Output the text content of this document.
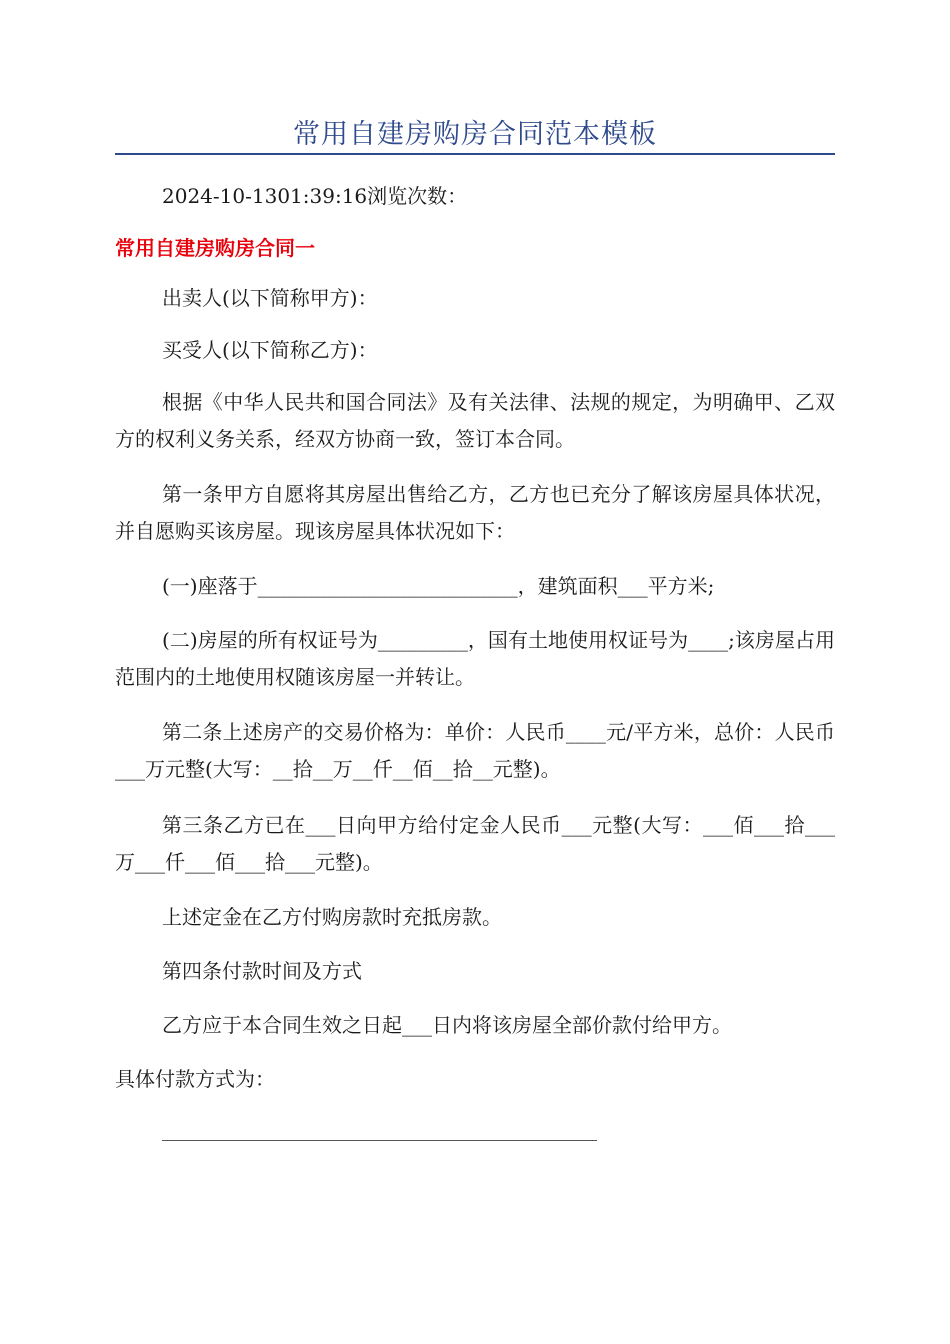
常用自建房购房合同范本模板
2024-10-1301:39:16浏览次数：
常用自建房购房合同一

出卖人(以下简称甲方)：

买受人(以下简称乙方)：

根据《中华人民共和国合同法》及有关法律、法规的规定，为明确甲、乙双方的权利义务关系，经双方协商一致，签订本合同。

第一条甲方自愿将其房屋出售给乙方，乙方也已充分了解该房屋具体状况，并自愿购买该房屋。现该房屋具体状况如下：

(一)座落于__________________________，建筑面积___平方米;

(二)房屋的所有权证号为_________，国有土地使用权证号为____;该房屋占用范围内的土地使用权随该房屋一并转让。

第二条上述房产的交易价格为：单价：人民币____元/平方米，总价：人民币___万元整(大写：__拾__万__仟__佰__拾__元整)。

第三条乙方已在___日向甲方给付定金人民币___元整(大写：___佰___拾___万___仟___佰___拾___元整)。

上述定金在乙方付购房款时充抵房款。

第四条付款时间及方式

乙方应于本合同生效之日起___日内将该房屋全部价款付给甲方。

具体付款方式为：
